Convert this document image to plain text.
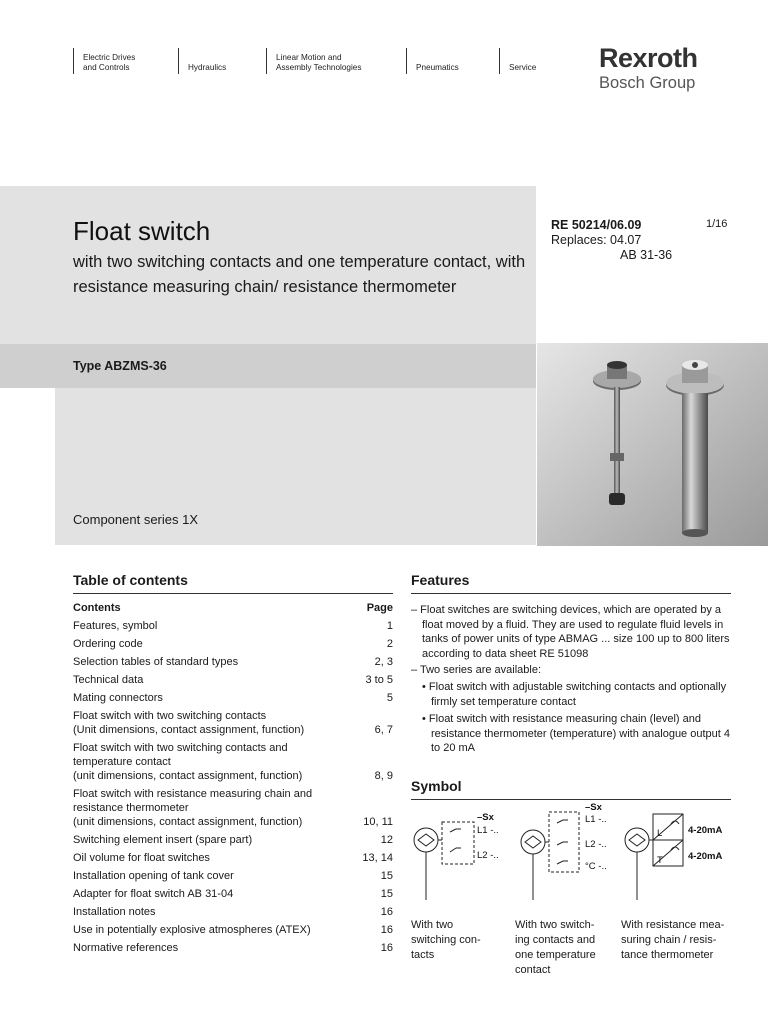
Electric Drives
and Controls	Hydraulics
Linear Motion and
Assembly Technologies	Pneumatics	Service Rexroth
Bosch Group
Float switch
with two switching contacts and one temperature contact, with resistance measuring chain/ resistance thermometer
Type ABZMS-36
Component series 1X
RE 50214/06.09
Replaces: 04.07
AB 31-36
1/16
Table of contents
Contents	Page
Features, symbol	1
Ordering code	2
Selection tables of standard types	2, 3
Technical data	3 to 5
Mating connectors	5
Float switch with two switching contacts
(Unit dimensions, contact assignment, function)	6, 7
Float switch with two switching contacts and
temperature contact
(unit dimensions, contact assignment, function)	8, 9
Float switch with resistance measuring chain and
resistance thermometer
(unit dimensions, contact assignment, function)	10, 11
Switching element insert (spare part)	12
Oil volume for float switches	13, 14
Installation opening of tank cover	15
Adapter for float switch AB 31-04	15
Installation notes	16
Use in potentially explosive atmospheres (ATEX)	16
Normative references	16
Features
– Float switches are switching devices, which are operated by a float moved by a fluid. They are used to regulate fluid levels in tanks of power units of type ABMAG ... size 100 up to 800 liters according to data sheet RE 51098
– Two series are available:
• Float switch with adjustable switching contacts and optionally firmly set temperature contact
• Float switch with resistance measuring chain (level) and resistance thermometer (temperature) with analogue output 4 to 20 mA
Symbol
–Sx
L1 -..
L2 -..
–Sx
L1 -..
L2 -..
°C -..
L
T
4-20mA
4-20mA
With two
switching con-
tacts
With two switch-
ing contacts and
one temperature
contact
With resistance mea-
suring chain / resis-
tance thermometer
